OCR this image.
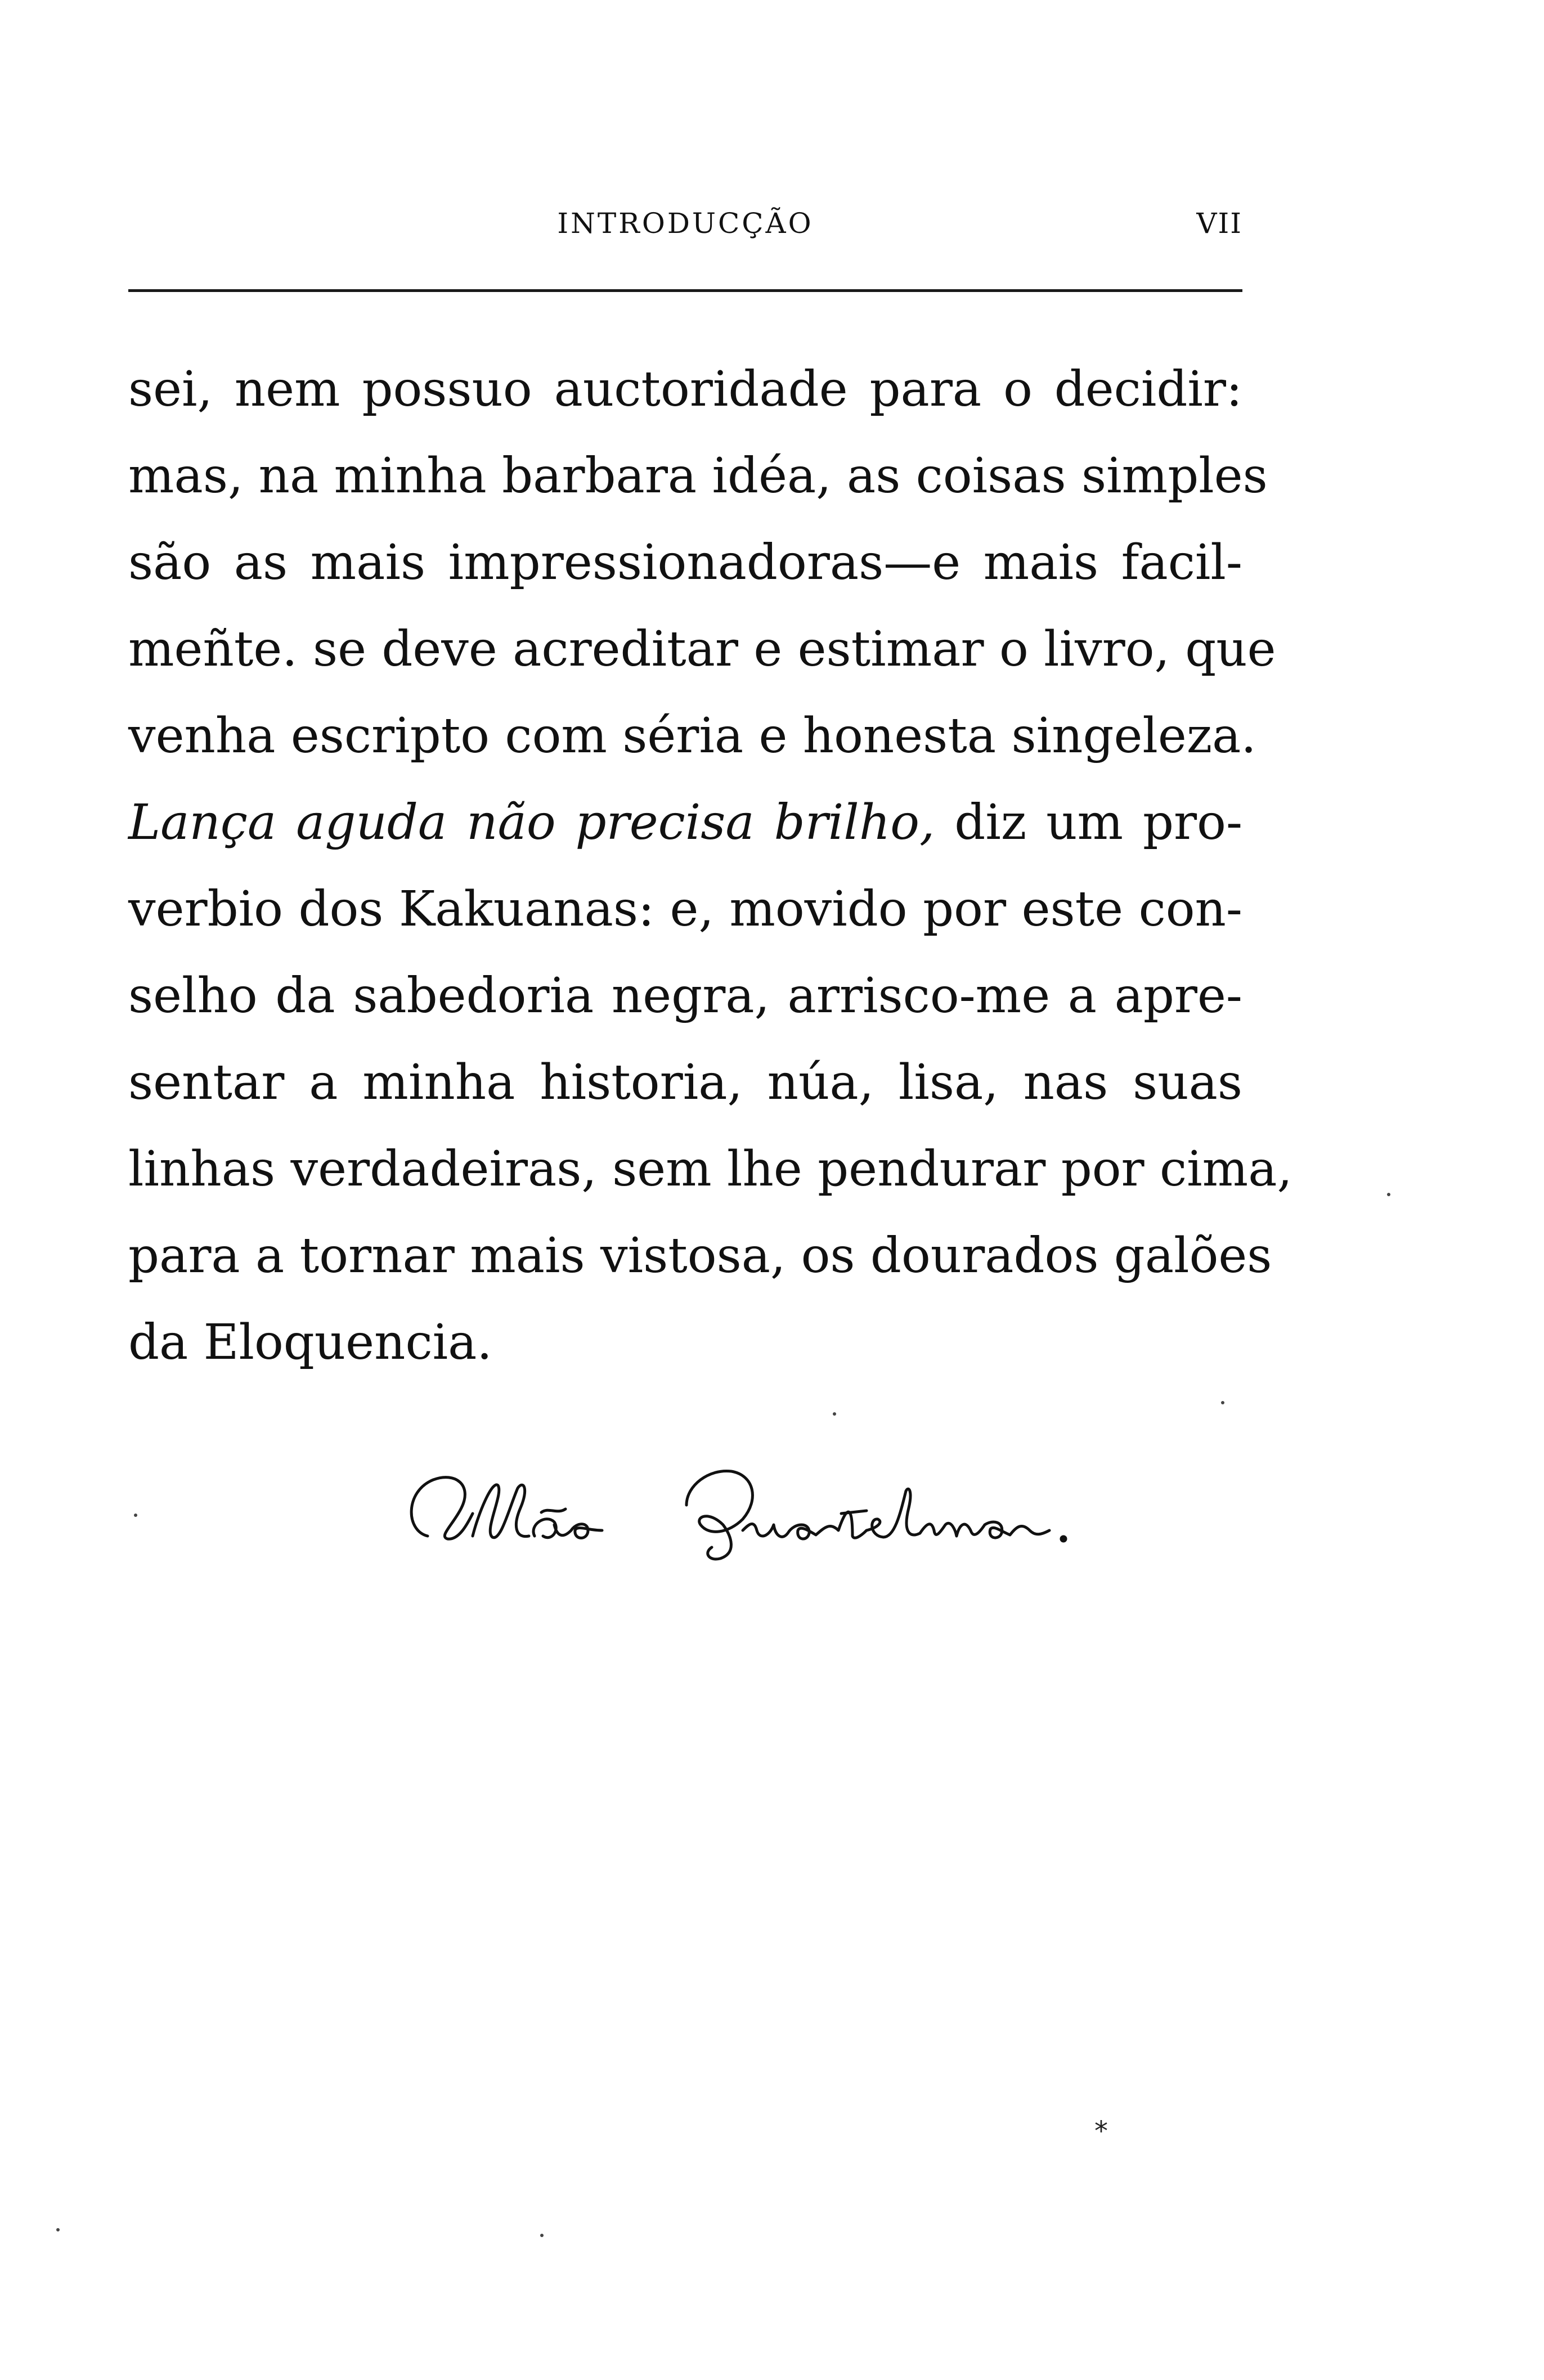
INTRODUCÇÃO	VII
sei, nem possuo auctoridade para o decidir:
mas, na minha barbara idéa, as coisas simples
são as mais impressionadoras—e mais facil-
meñte. se deve acreditar e estimar o livro, que
venha escripto com séria e honesta singeleza.
Lança aguda não precisa brilho, diz um pro-
verbio dos Kakuanas: e, movido por este con-
selho da sabedoria negra, arrisco-me a apre-
sentar a minha historia, núa, lisa, nas suas
linhas verdadeiras, sem lhe pendurar por cima,
para a tornar mais vistosa, os dourados galões
da Eloquencia.
*
